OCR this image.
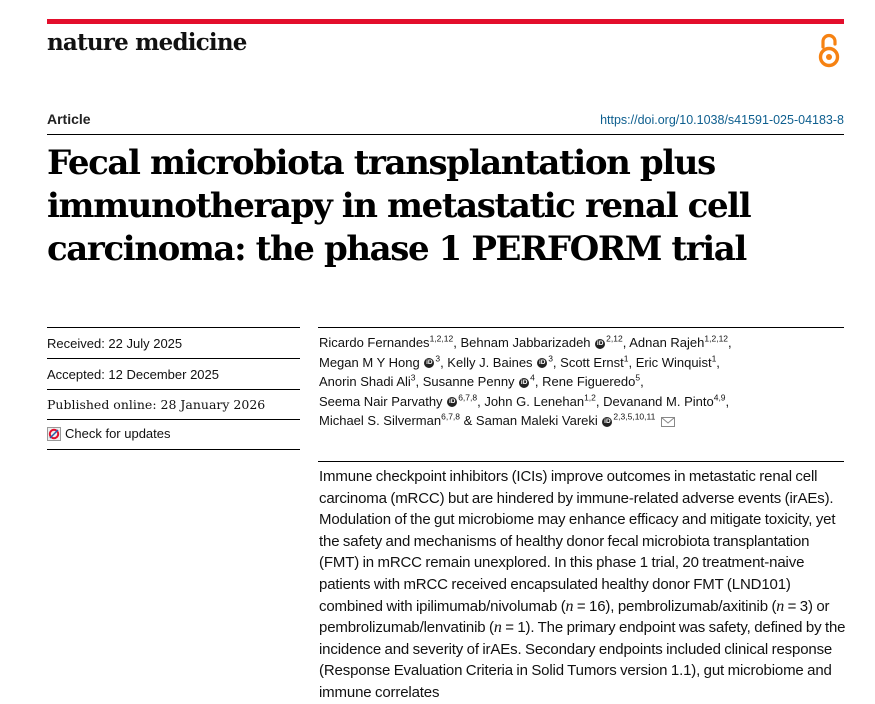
nature medicine
Article	https://doi.org/10.1038/s41591-025-04183-8
Fecal microbiota transplantation plus
immunotherapy in metastatic renal cell
carcinoma: the phase 1 PERFORM trial
Received: 22 July 2025
Accepted: 12 December 2025
Published online: 28 January 2026
Check for updates
Ricardo Fernandes$^{1,2,12}$, Behnam Jabbarizadeh iD $^{2,12}$, Adnan Rajeh$^{1,2,12}$,
Megan M Y Hong iD $^3$, Kelly J. Baines iD $^3$, Scott Ernst$^1$, Eric Winquist$^1$,
Anorin Shadi Ali$^3$, Susanne Penny iD $^4$, Rene Figueredo$^5$,
Seema Nair Parvathy iD $^{6,7,8}$, John G. Lenehan$^{1,2}$, Devanand M. Pinto$^{4,9}$,
Michael S. Silverman$^{6,7,8}$ & Saman Maleki Vareki iD $^{2,3,5,10,11}$

Immune checkpoint inhibitors (ICIs) improve outcomes in metastatic renal cell carcinoma (mRCC) but are hindered by immune-related adverse events (irAEs). Modulation of the gut microbiome may enhance efficacy and mitigate toxicity, yet the safety and mechanisms of healthy donor fecal microbiota transplantation (FMT) in mRCC remain unexplored. In this phase 1 trial, 20 treatment-naive patients with mRCC received encapsulated healthy donor FMT (LND101) combined with ipilimumab/nivolumab (n = 16), pembrolizumab/axitinib (n = 3) or pembrolizumab/lenvatinib (n = 1). The primary endpoint was safety, defined by the incidence and severity of irAEs. Secondary endpoints included clinical response (Response Evaluation Criteria in Solid Tumors version 1.1), gut microbiome and immune correlates
